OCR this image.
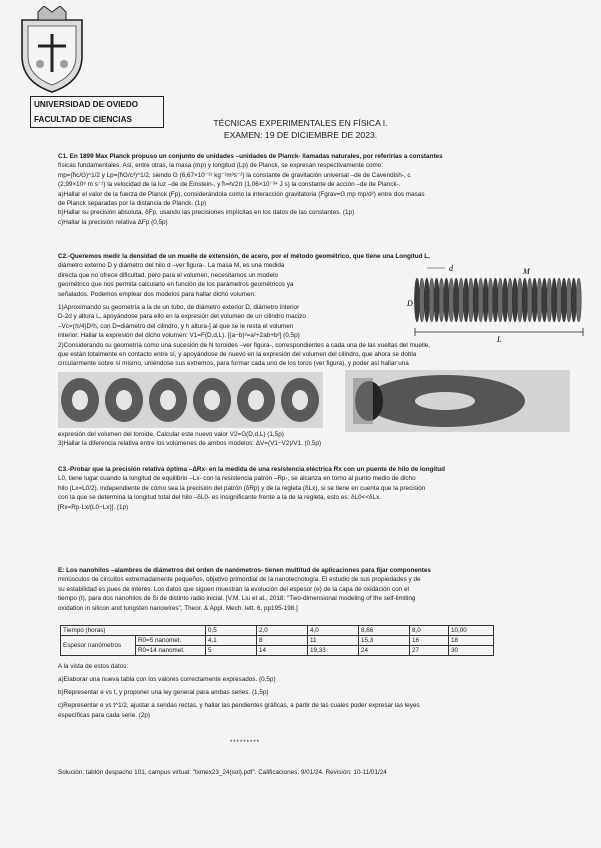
UNIVERSIDAD DE OVIEDO
FACULTAD DE CIENCIAS	TÉCNICAS EXPERIMENTALES EN FÍSICA I.
EXAMEN: 19 DE DICIEMBRE DE 2023.
C1. En 1899 Max Planck propuso un conjunto de unidades –unidades de Planck- llamadas naturales, por referirlas a constantes
físicas fundamentales. Así, entre otras, la masa (mp) y longitud (Lp) de Planck, se expresan respectivamente como:
mp=(ħc/G)^1/2 y Lp=(ħG/c³)^1/2, siendo G (6,67×10⁻¹¹ kg⁻¹m³s⁻²) la constante de gravitación universal –de de Cavendish-, c
(2,99×10⁸ m s⁻¹) la velocidad de la luz –de de Einstein-, y ħ=h/2π (1,06×10⁻³⁴ J s) la constante de acción –de de Planck-.
a)Hallar el valor de la fuerza de Planck (Fp), considerándola como la interacción gravitatoria (Fgrav=G mp mp/d²) entre dos masas
de Planck separadas por la distancia de Planck. (1p)
b)Hallar su precisión absoluta, δFp, usando las precisiones implícitas en los datos de las constantes. (1p)
c)Hallar la precisión relativa ΔFp (0,5p)
C2.-Queremos medir la densidad de un muelle de extensión, de acero, por el método geométrico, que tiene una Longitud L,
diámetro externo D y diámetro del hilo d –ver figura-. La masa M, es una medida
directa que no ofrece dificultad, pero para el volumen, necesitamos un modelo
geométrico que nos permita calcularlo en función de los parámetros geométricos ya
señalados. Podemos emplear dos modelos para hallar dicho volumen:
1)Aproximando su geometría a la de un tubo, de diámetro exterior D, diámetro interior
D-2d y altura L, apoyándose para ello en la expresión del volumen de un cilindro macizo
–Vc=(π/4)D²h, con D=diámetro del cilindro, y h altura-] al que se le resta el volumen
interior. Hallar la expresión del dicho volumen: V1=F(D,d,L). [(a−b)²=a²+2ab+b²] (0,5p)
2)Considerando su geometría como una sucesión de N toroides –ver figura-, correspondientes a cada una de las vueltas del muelle,
que están totalmente en contacto entre sí, y apoyándose de nuevo en la expresión del volumen del cilindro, que ahora se dobla
circularmente sobre sí mismo, uniéndose sus extremos, para formar cada uno de los toros (ver figura), y poder así hallar una
d	M
D
L
expresión del volumen del toroide. Calcular este nuevo valor V2=G(D,d,L) (1,5p)
3)Hallar la diferencia relativa entre los volúmenes de ambos modelos: ΔV=(V1−V2)/V1. (0,5p)
C3.-Probar que la precisión relativa óptima –ΔRx- en la medida de una resistencia eléctrica Rx con un puente de hilo de longitud
L0, tiene lugar cuando la longitud de equilibrio –Lx- con la resistencia patrón –Rp-, se alcanza en torno al punto medio de dicho
hilo (Lx=L0/2), independiente de cómo sea la precisión del patrón (δRp) y de la regleta (δLx), si se tiene en cuenta que la precisión
con la que se determina la longitud total del hilo –δL0- es insignificante frente a la de la regleta, esto es: δL0<<δLx.
[Rx=Rp·Lx/(L0−Lx)]. (1p)
E: Los nanohilos –alambres de diámetros del orden de nanómetros- tienen multitud de aplicaciones para fijar componentes
minúsculos de circuitos extremadamente pequeños, objetivo primordial de la nanotecnología. El estudio de sus propiedades y de
su estabilidad es pues de interés. Los datos que siguen muestran la evolución del espesor (e) de la capa de oxidación con el
tiempo (t), para dos nanohilos de Si de distinto radio inicial. [V.M. Liu et al., 2018: "Two-dimensional modeling of the self-limiting
oxidation in silicon and tungsten nanowires", Theor. & Appl. Mech. lett. 6, pp195-198.]
Tiempo (horas)		0,5	2,0	4,0	8,66	8,0	10,00
Espesor nanómetros	R0=5 nanomet.	4,1	8	11	15,3	16	18
	R0=14 nanomet.	5	14	19,33	24	27	30
A la vista de estos datos:
a)Elaborar una nueva tabla con los valores correctamente expresados. (0,5p)
b)Representar e vs t, y proponer una ley general para ambas series. (1,5p)
c)Representar e vs t^1/2, ajustar a sendas rectas, y hallar las pendientes gráficas, a partir de las cuales poder expresar las leyes
específicas para cada serie. (2p)
*********
Solución: tablón despacho 101, campus virtual: "txmex23_24(sol).pdf". Calificaciones: 9/01/24. Revisión: 10-11/01/24
